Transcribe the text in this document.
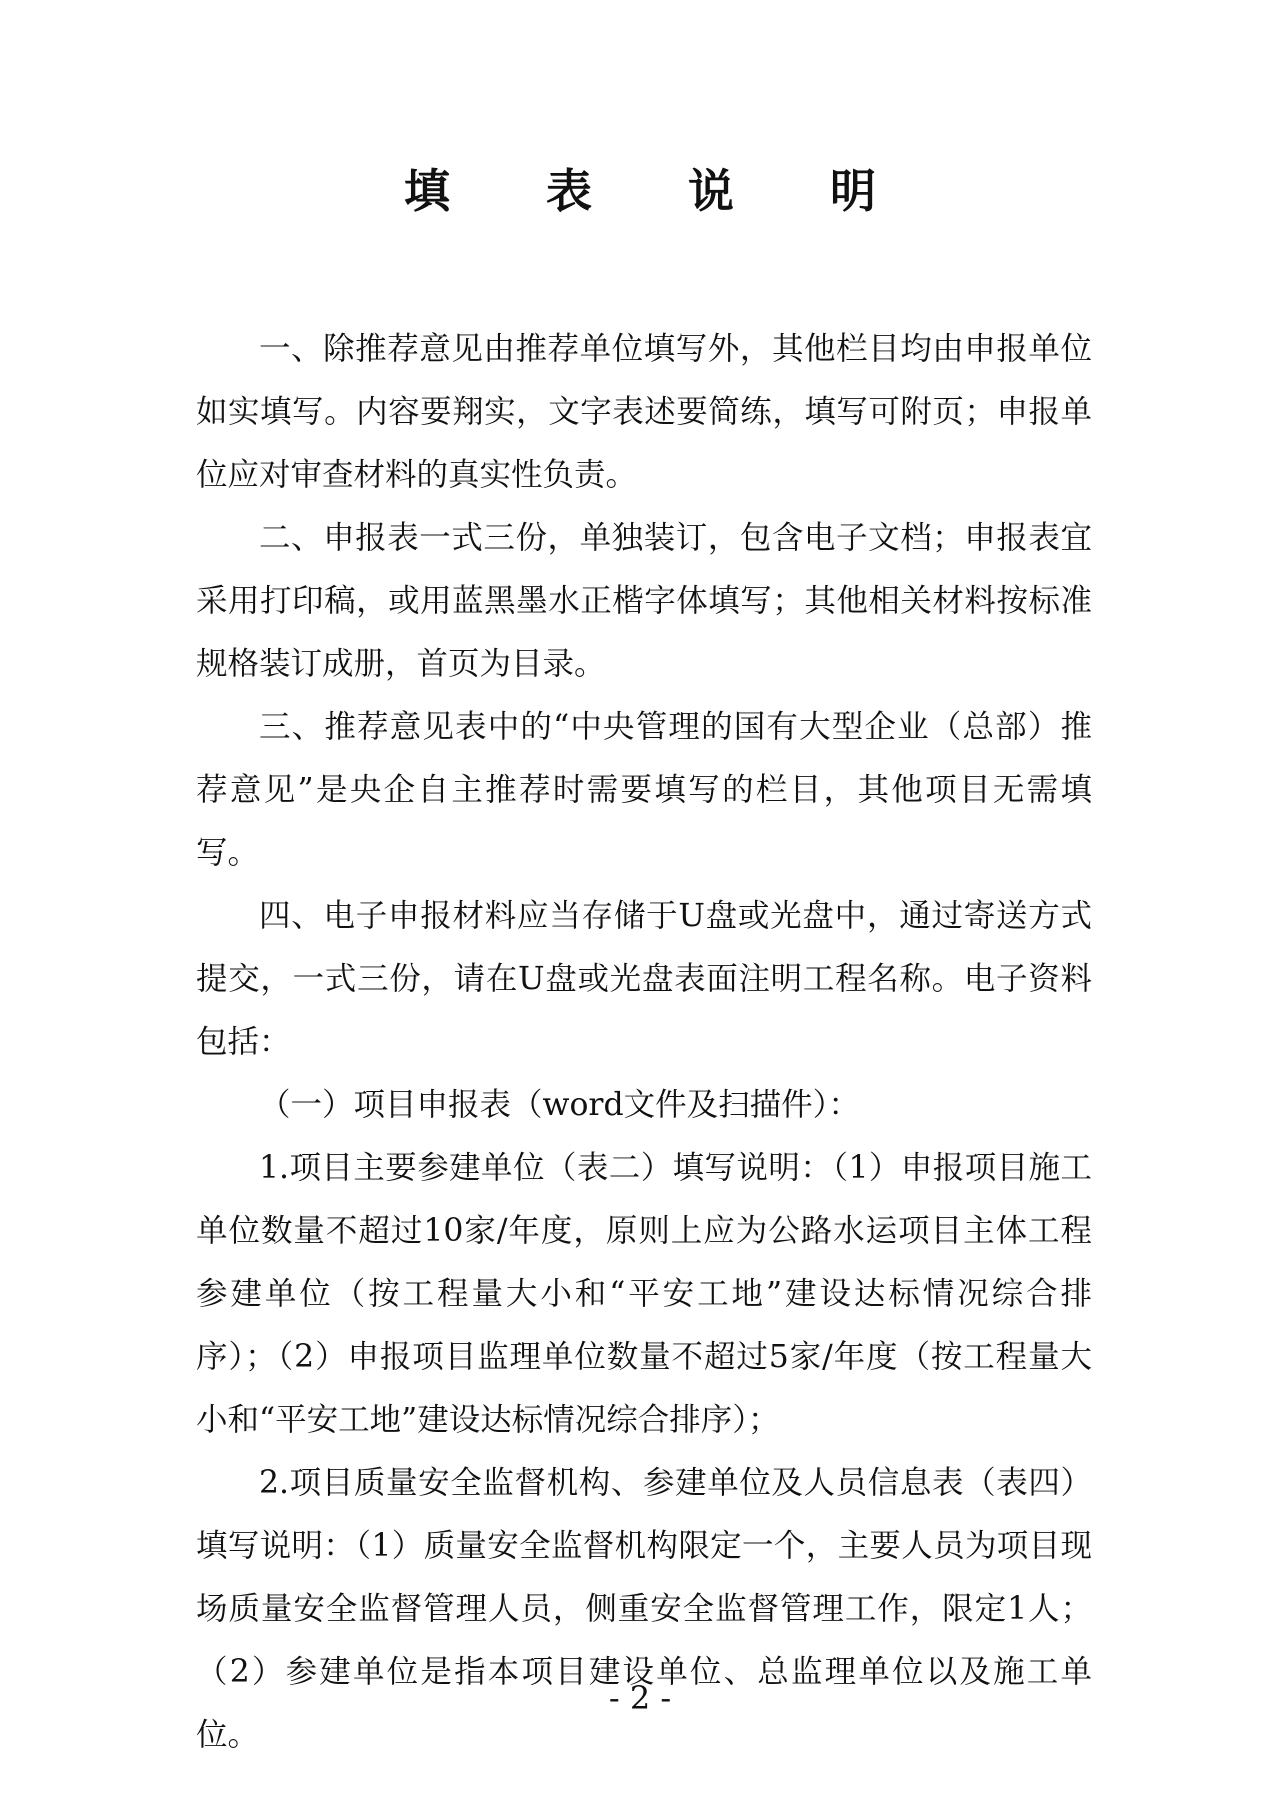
填 表 说 明

一、除推荐意见由推荐单位填写外，其他栏目均由申报单位如实填写。内容要翔实，文字表述要简练，填写可附页；申报单位应对审查材料的真实性负责。

二、申报表一式三份，单独装订，包含电子文档；申报表宜采用打印稿，或用蓝黑墨水正楷字体填写；其他相关材料按标准规格装订成册，首页为目录。

三、推荐意见表中的“中央管理的国有大型企业（总部）推荐意见”是央企自主推荐时需要填写的栏目，其他项目无需填写。

四、电子申报材料应当存储于U盘或光盘中，通过寄送方式提交，一式三份，请在U盘或光盘表面注明工程名称。电子资料包括：

（一）项目申报表（word文件及扫描件）：

1.项目主要参建单位（表二）填写说明：（1）申报项目施工单位数量不超过10家/年度，原则上应为公路水运项目主体工程参建单位（按工程量大小和“平安工地”建设达标情况综合排序）；（2）申报项目监理单位数量不超过5家/年度（按工程量大小和“平安工地”建设达标情况综合排序）；

2.项目质量安全监督机构、参建单位及人员信息表（表四）填写说明：（1）质量安全监督机构限定一个，主要人员为项目现场质量安全监督管理人员，侧重安全监督管理工作，限定1人；（2）参建单位是指本项目建设单位、总监理单位以及施工单位。

- 2 -
